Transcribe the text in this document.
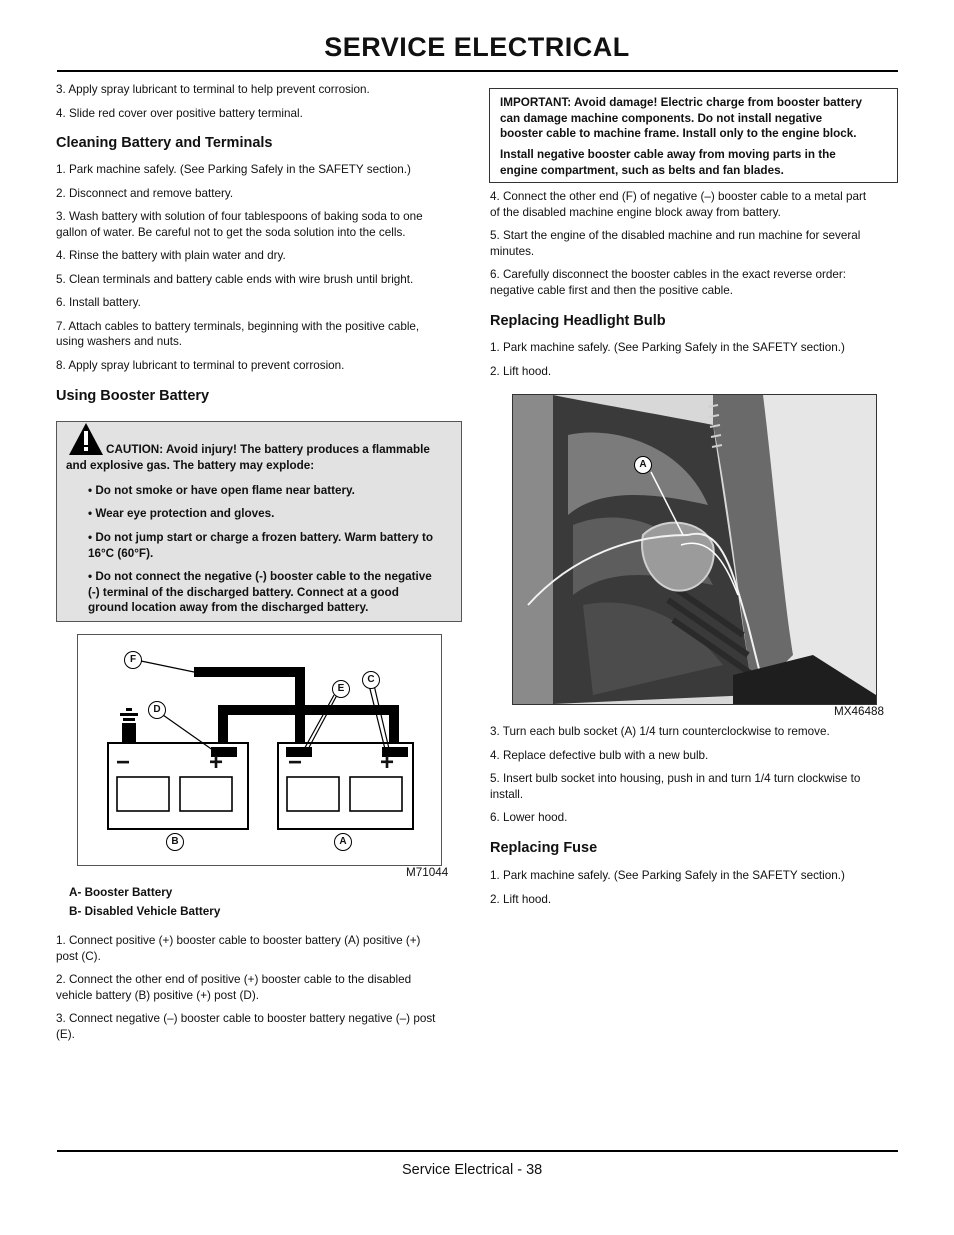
SERVICE ELECTRICAL

3. Apply spray lubricant to terminal to help prevent corrosion.

4. Slide red cover over positive battery terminal.

Cleaning Battery and Terminals

1. Park machine safely. (See Parking Safely in the SAFETY section.)

2. Disconnect and remove battery.

3. Wash battery with solution of four tablespoons of baking soda to one
gallon of water. Be careful not to get the soda solution into the cells.

4. Rinse the battery with plain water and dry.

5. Clean terminals and battery cable ends with wire brush until bright.

6. Install battery.

7. Attach cables to battery terminals, beginning with the positive cable,
using washers and nuts.

8. Apply spray lubricant to terminal to prevent corrosion.

Using Booster Battery
CAUTION: Avoid injury! The battery produces a flammable
and explosive gas. The battery may explode:
• Do not smoke or have open flame near battery.
• Wear eye protection and gloves.
• Do not jump start or charge a frozen battery. Warm battery to
16°C (60°F).
• Do not connect the negative (-) booster cable to the negative
(-) terminal of the discharged battery. Connect at a good
ground location away from the discharged battery.
−	+	−	+
F
D
E
C
B	A
M71044
A- Booster Battery
B- Disabled Vehicle Battery

1. Connect positive (+) booster cable to booster battery (A) positive (+)
post (C).

2. Connect the other end of positive (+) booster cable to the disabled
vehicle battery (B) positive (+) post (D).

3. Connect negative (–) booster cable to booster battery negative (–) post
(E).

IMPORTANT: Avoid damage! Electric charge from booster battery
can damage machine components. Do not install negative
booster cable to machine frame. Install only to the engine block.

Install negative booster cable away from moving parts in the
engine compartment, such as belts and fan blades.

4. Connect the other end (F) of negative (–) booster cable to a metal part
of the disabled machine engine block away from battery.

5. Start the engine of the disabled machine and run machine for several
minutes.

6. Carefully disconnect the booster cables in the exact reverse order:
negative cable first and then the positive cable.

Replacing Headlight Bulb

1. Park machine safely. (See Parking Safely in the SAFETY section.)

2. Lift hood.

A
MX46488

3. Turn each bulb socket (A) 1/4 turn counterclockwise to remove.

4. Replace defective bulb with a new bulb.

5. Insert bulb socket into housing, push in and turn 1/4 turn clockwise to
install.

6. Lower hood.

Replacing Fuse

1. Park machine safely. (See Parking Safely in the SAFETY section.)

2. Lift hood.

Service Electrical - 38
